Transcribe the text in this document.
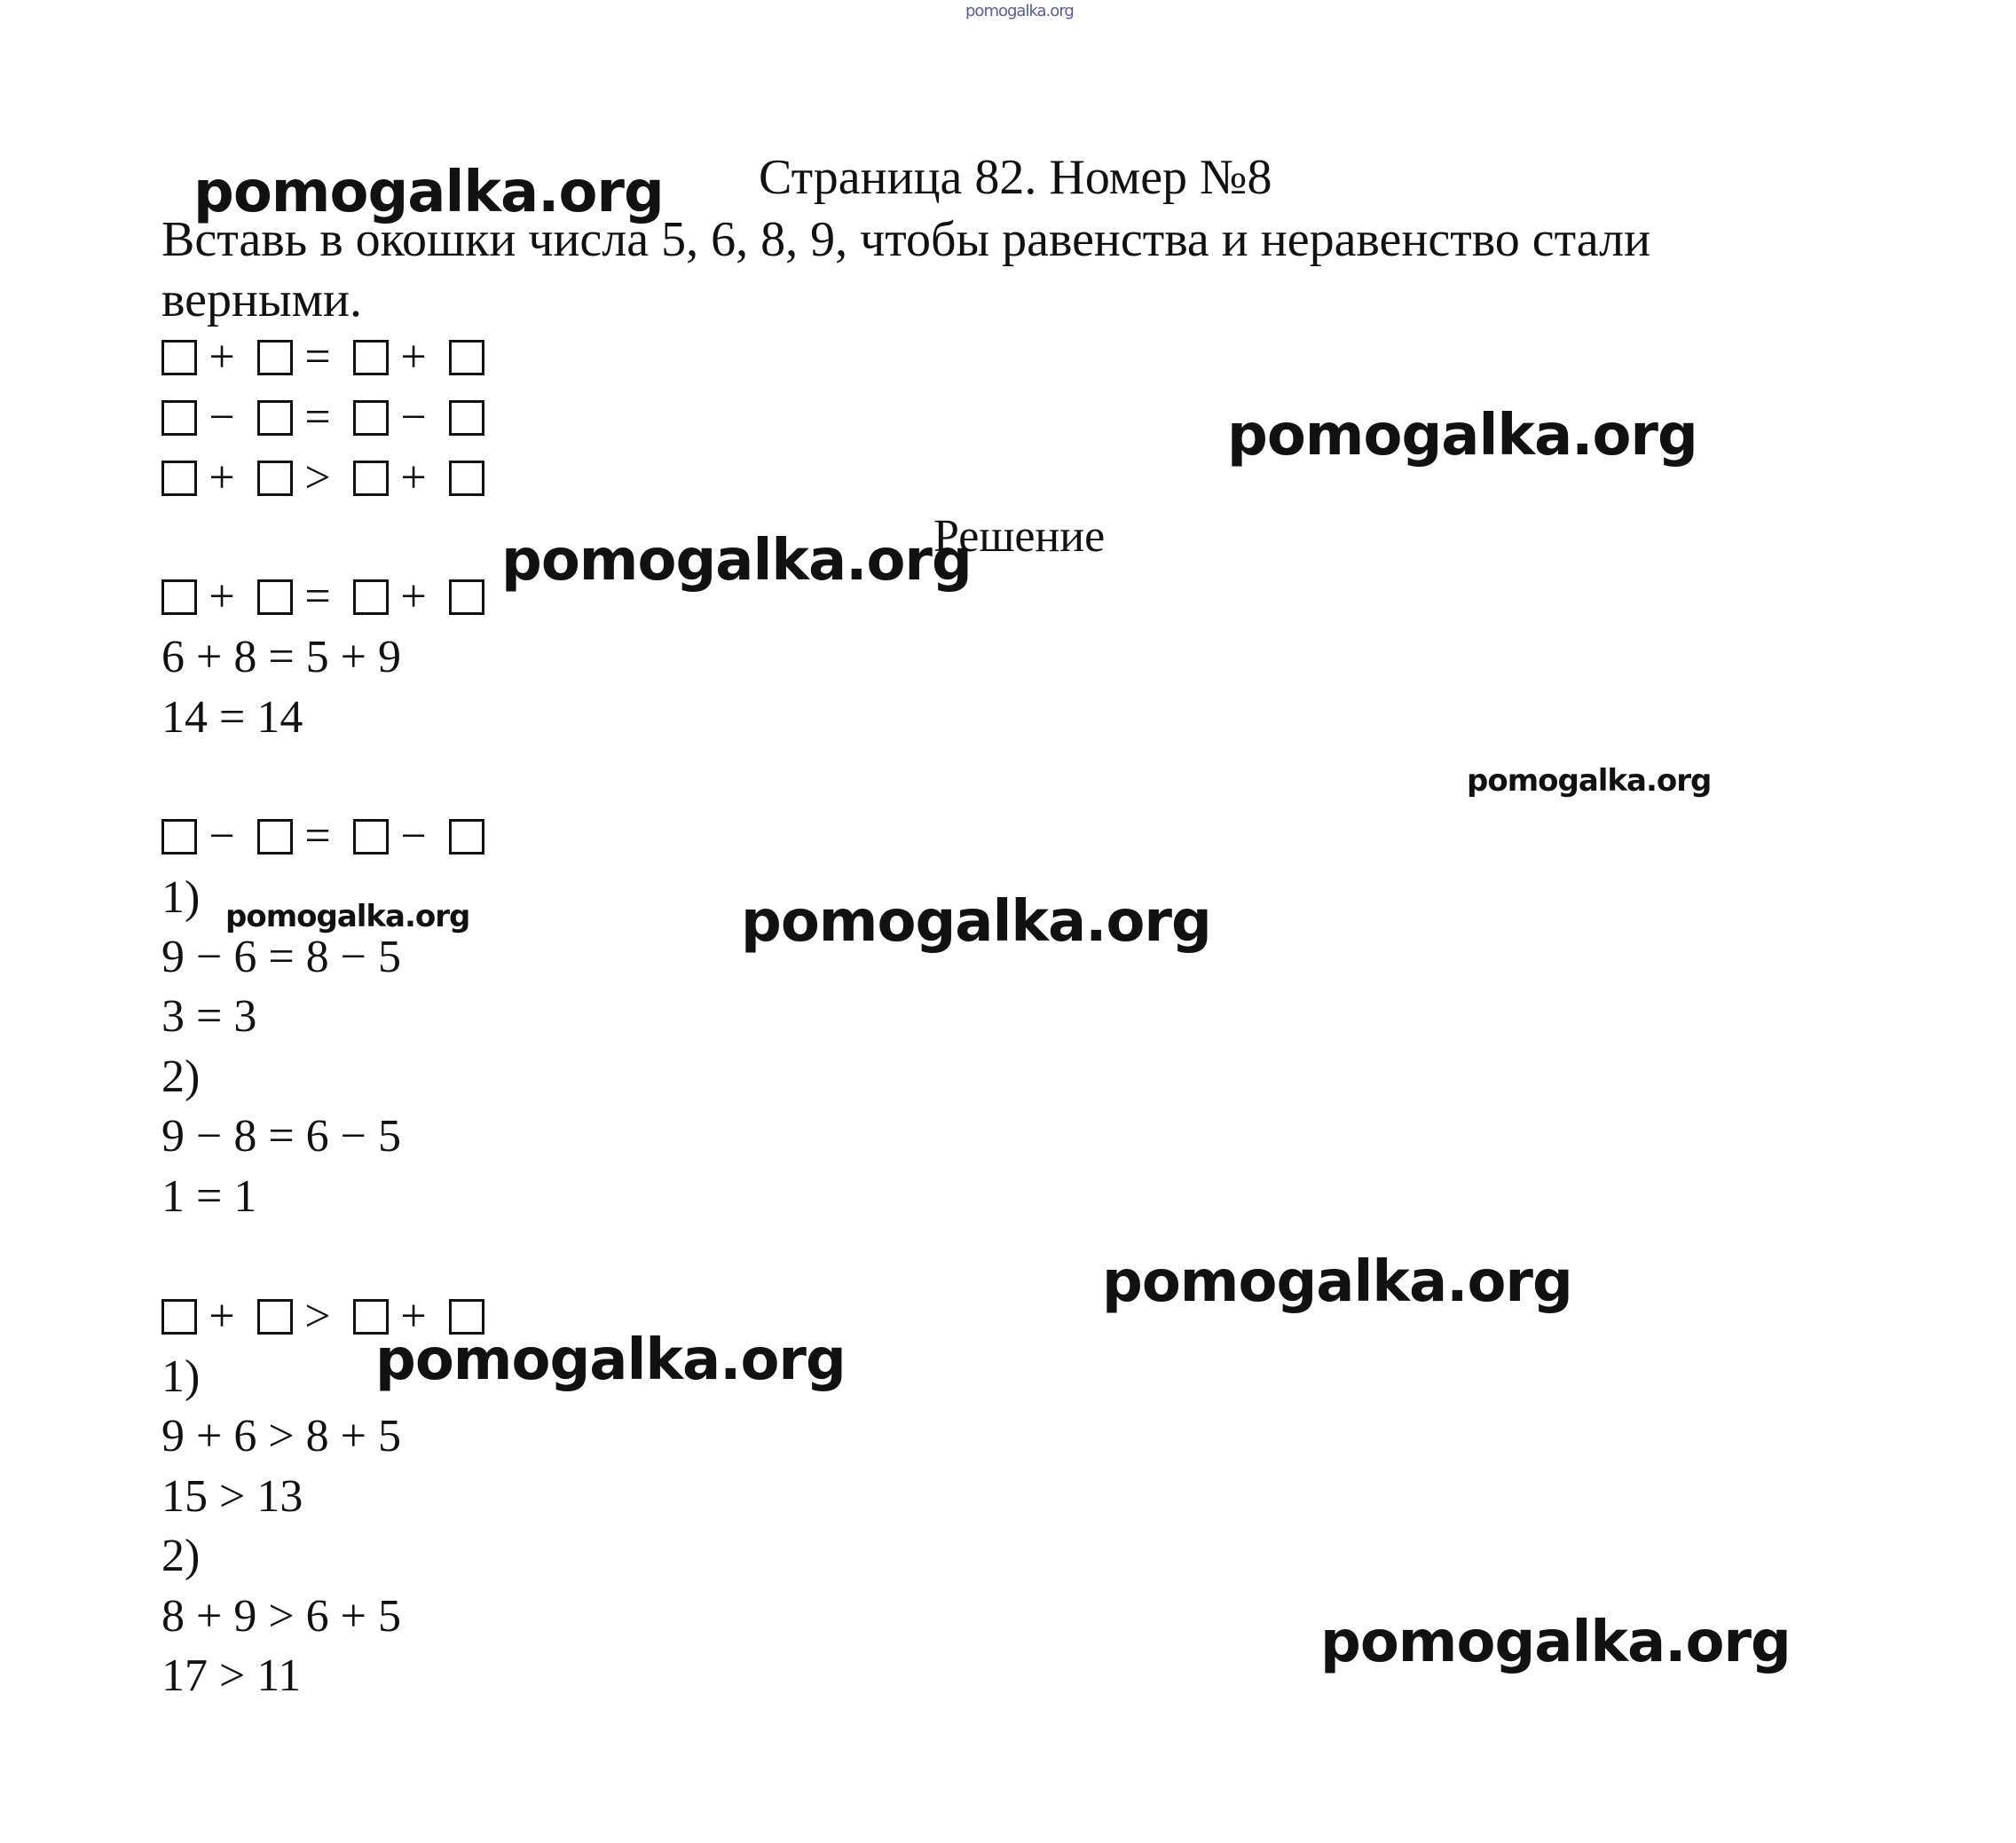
pomogalka.org
Страница 82. Номер №8
Вставь в окошки числа 5, 6, 8, 9, чтобы равенства и неравенство стали
верными.
+ = +
− = −
+ > +
Решение
+ = +
6 + 8 = 5 + 9
14 = 14
− = −
1)
9 − 6 = 8 − 5
3 = 3
2)
9 − 8 = 6 − 5
1 = 1
+ > +
1)
9 + 6 > 8 + 5
15 > 13
2)
8 + 9 > 6 + 5
17 > 11
pomogalka.org
pomogalka.org
pomogalka.org
pomogalka.org
pomogalka.org	pomogalka.org
pomogalka.org
pomogalka.org
pomogalka.org
